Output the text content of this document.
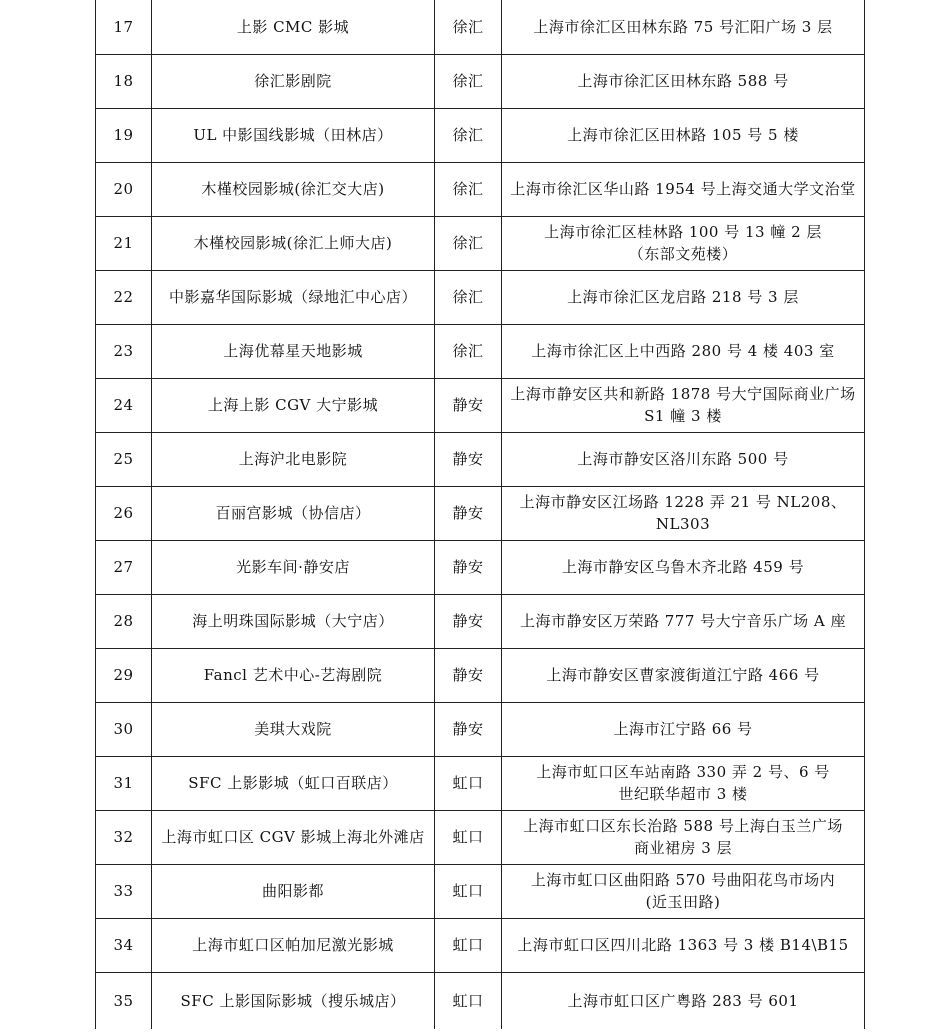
17	上影 CMC 影城	徐汇	上海市徐汇区田林东路 75 号汇阳广场 3 层

18	徐汇影剧院	徐汇	上海市徐汇区田林东路 588 号

19	UL 中影国线影城（田林店）	徐汇	上海市徐汇区田林路 105 号 5 楼

20	木槿校园影城(徐汇交大店)	徐汇	上海市徐汇区华山路 1954 号上海交通大学文治堂

21	木槿校园影城(徐汇上师大店)	徐汇	上海市徐汇区桂林路 100 号 13 幢 2 层
（东部文苑楼）

22	中影嘉华国际影城（绿地汇中心店）	徐汇	上海市徐汇区龙启路 218 号 3 层

23	上海优幕星天地影城	徐汇	上海市徐汇区上中西路 280 号 4 楼 403 室

24	上海上影 CGV 大宁影城	静安	上海市静安区共和新路 1878 号大宁国际商业广场
S1 幢 3 楼

25	上海沪北电影院	静安	上海市静安区洛川东路 500 号

26	百丽宫影城（协信店）	静安	上海市静安区江场路 1228 弄 21 号 NL208、NL303

27	光影车间·静安店	静安	上海市静安区乌鲁木齐北路 459 号

28	海上明珠国际影城（大宁店）	静安	上海市静安区万荣路 777 号大宁音乐广场 A 座

29	Fancl 艺术中心-艺海剧院	静安	上海市静安区曹家渡街道江宁路 466 号

30	美琪大戏院	静安	上海市江宁路 66 号

31	SFC 上影影城（虹口百联店）	虹口	上海市虹口区车站南路 330 弄 2 号、6 号
世纪联华超市 3 楼

32	上海市虹口区 CGV 影城上海北外滩店	虹口	上海市虹口区东长治路 588 号上海白玉兰广场
商业裙房 3 层

33	曲阳影都	虹口	上海市虹口区曲阳路 570 号曲阳花鸟市场内
(近玉田路)

34	上海市虹口区帕加尼激光影城	虹口	上海市虹口区四川北路 1363 号 3 楼 B14\B15

35	SFC 上影国际影城（搜乐城店）	虹口	上海市虹口区广粤路 283 号 601
